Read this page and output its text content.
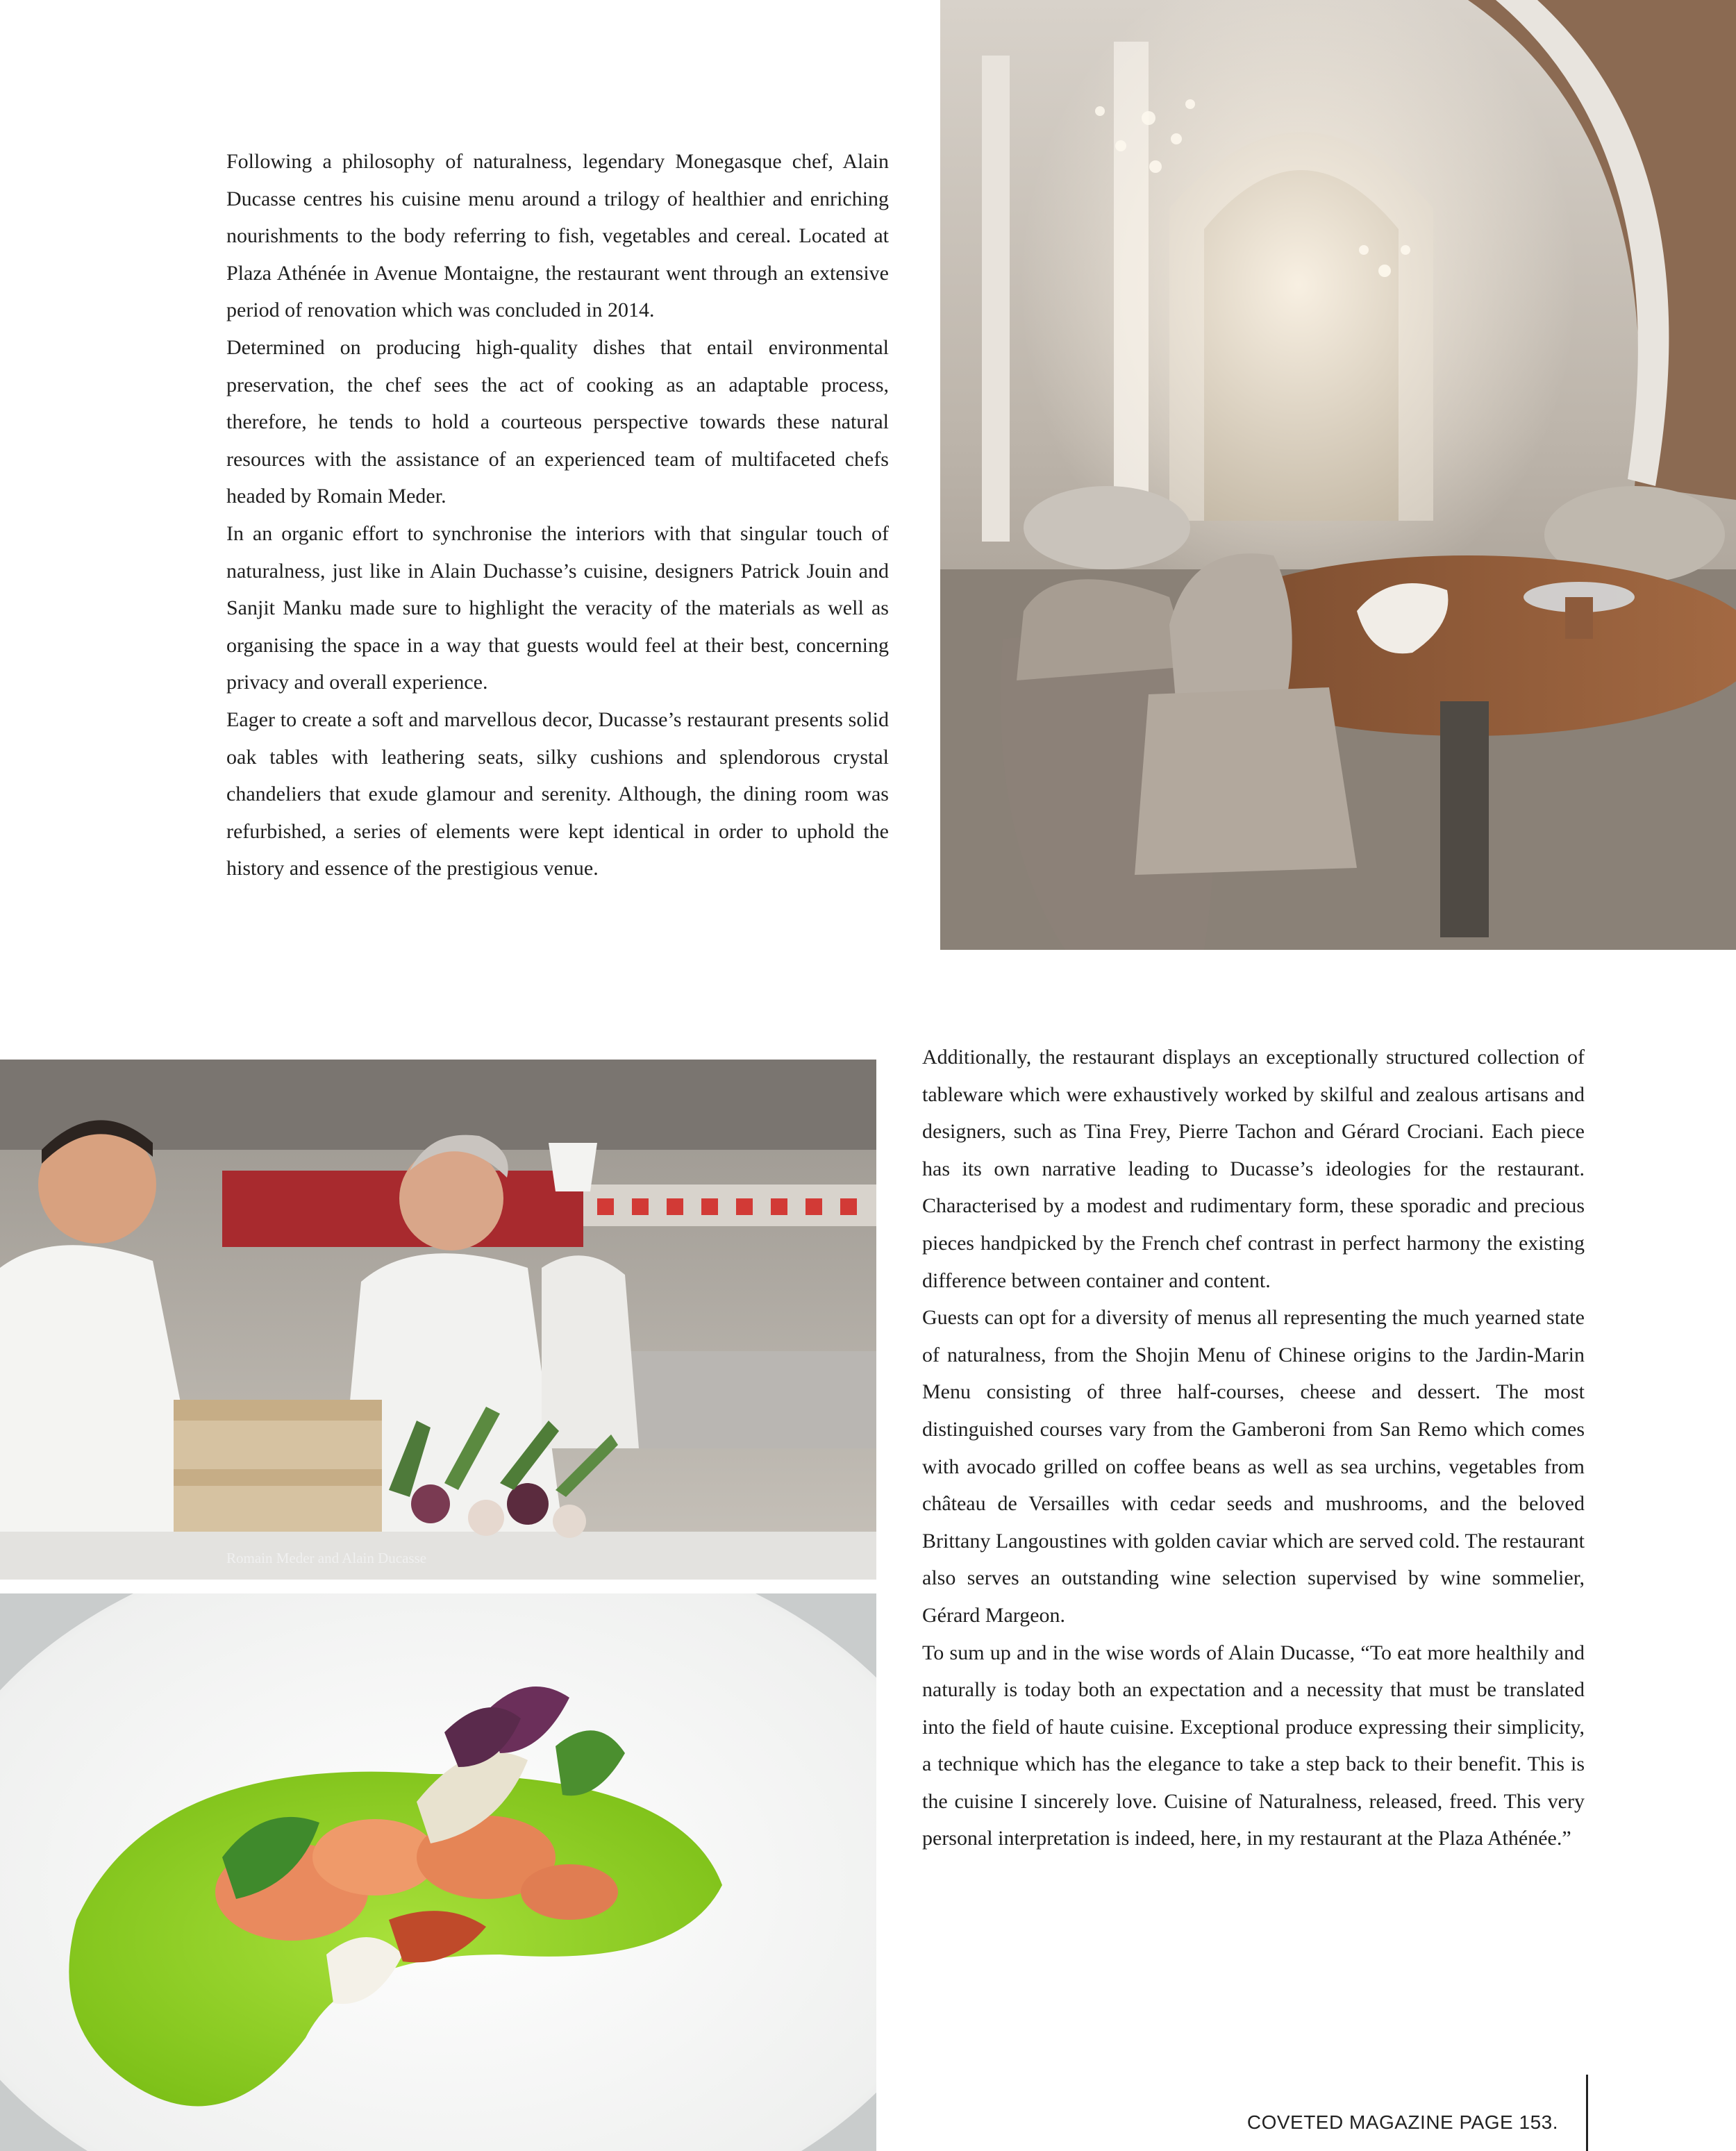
Following a philosophy of naturalness, legendary Monegasque chef, Alain Ducasse centres his cuisine menu around a trilogy of healthier and enriching nourishments to the body referring to fish, vegetables and cereal. Located at Plaza Athénée in Avenue Montaigne, the restaurant went through an extensive period of renovation which was concluded in 2014.

Determined on producing high-quality dishes that entail environmental preservation, the chef sees the act of cooking as an adaptable process, therefore, he tends to hold a courteous perspective towards these natural resources with the assistance of an experienced team of multifaceted chefs headed by Romain Meder.

In an organic effort to synchronise the interiors with that singular touch of naturalness, just like in Alain Duchasse’s cuisine, designers Patrick Jouin and Sanjit Manku made sure to highlight the veracity of the materials as well as organising the space in a way that guests would feel at their best, concerning privacy and overall experience.

Eager to create a soft and marvellous decor, Ducasse’s restaurant presents solid oak tables with leathering seats, silky cushions and splendorous crystal chandeliers that exude glamour and serenity. Although, the dining room was refurbished, a series of elements were kept identical in order to uphold the history and essence of the prestigious venue.

Romain Meder and Alain Ducasse

Additionally, the restaurant displays an exceptionally structured collection of tableware which were exhaustively worked by skilful and zealous artisans and designers, such as Tina Frey, Pierre Tachon and Gérard Crociani. Each piece has its own narrative leading to Ducasse’s ideologies for the restaurant. Characterised by a modest and rudimentary form, these sporadic and precious pieces handpicked by the French chef contrast in perfect harmony the existing difference between container and content.

Guests can opt for a diversity of menus all representing the much yearned state of naturalness, from the Shojin Menu of Chinese origins to the Jardin-Marin Menu consisting of three half-courses, cheese and dessert. The most distinguished courses vary from the Gamberoni from San Remo which comes with avocado grilled on coffee beans as well as sea urchins, vegetables from château de Versailles with cedar seeds and mushrooms, and the beloved Brittany Langoustines with golden caviar which are served cold. The restaurant also serves an outstanding wine selection supervised by wine sommelier, Gérard Margeon.

To sum up and in the wise words of Alain Ducasse, “To eat more healthily and naturally is today both an expectation and a necessity that must be translated into the field of haute cuisine. Exceptional produce expressing their simplicity, a technique which has the elegance to take a step back to their benefit. This is the cuisine I sincerely love. Cuisine of Naturalness, released, freed. This very personal interpretation is indeed, here, in my restaurant at the Plaza Athénée.”

COVETED MAGAZINE PAGE 153.
